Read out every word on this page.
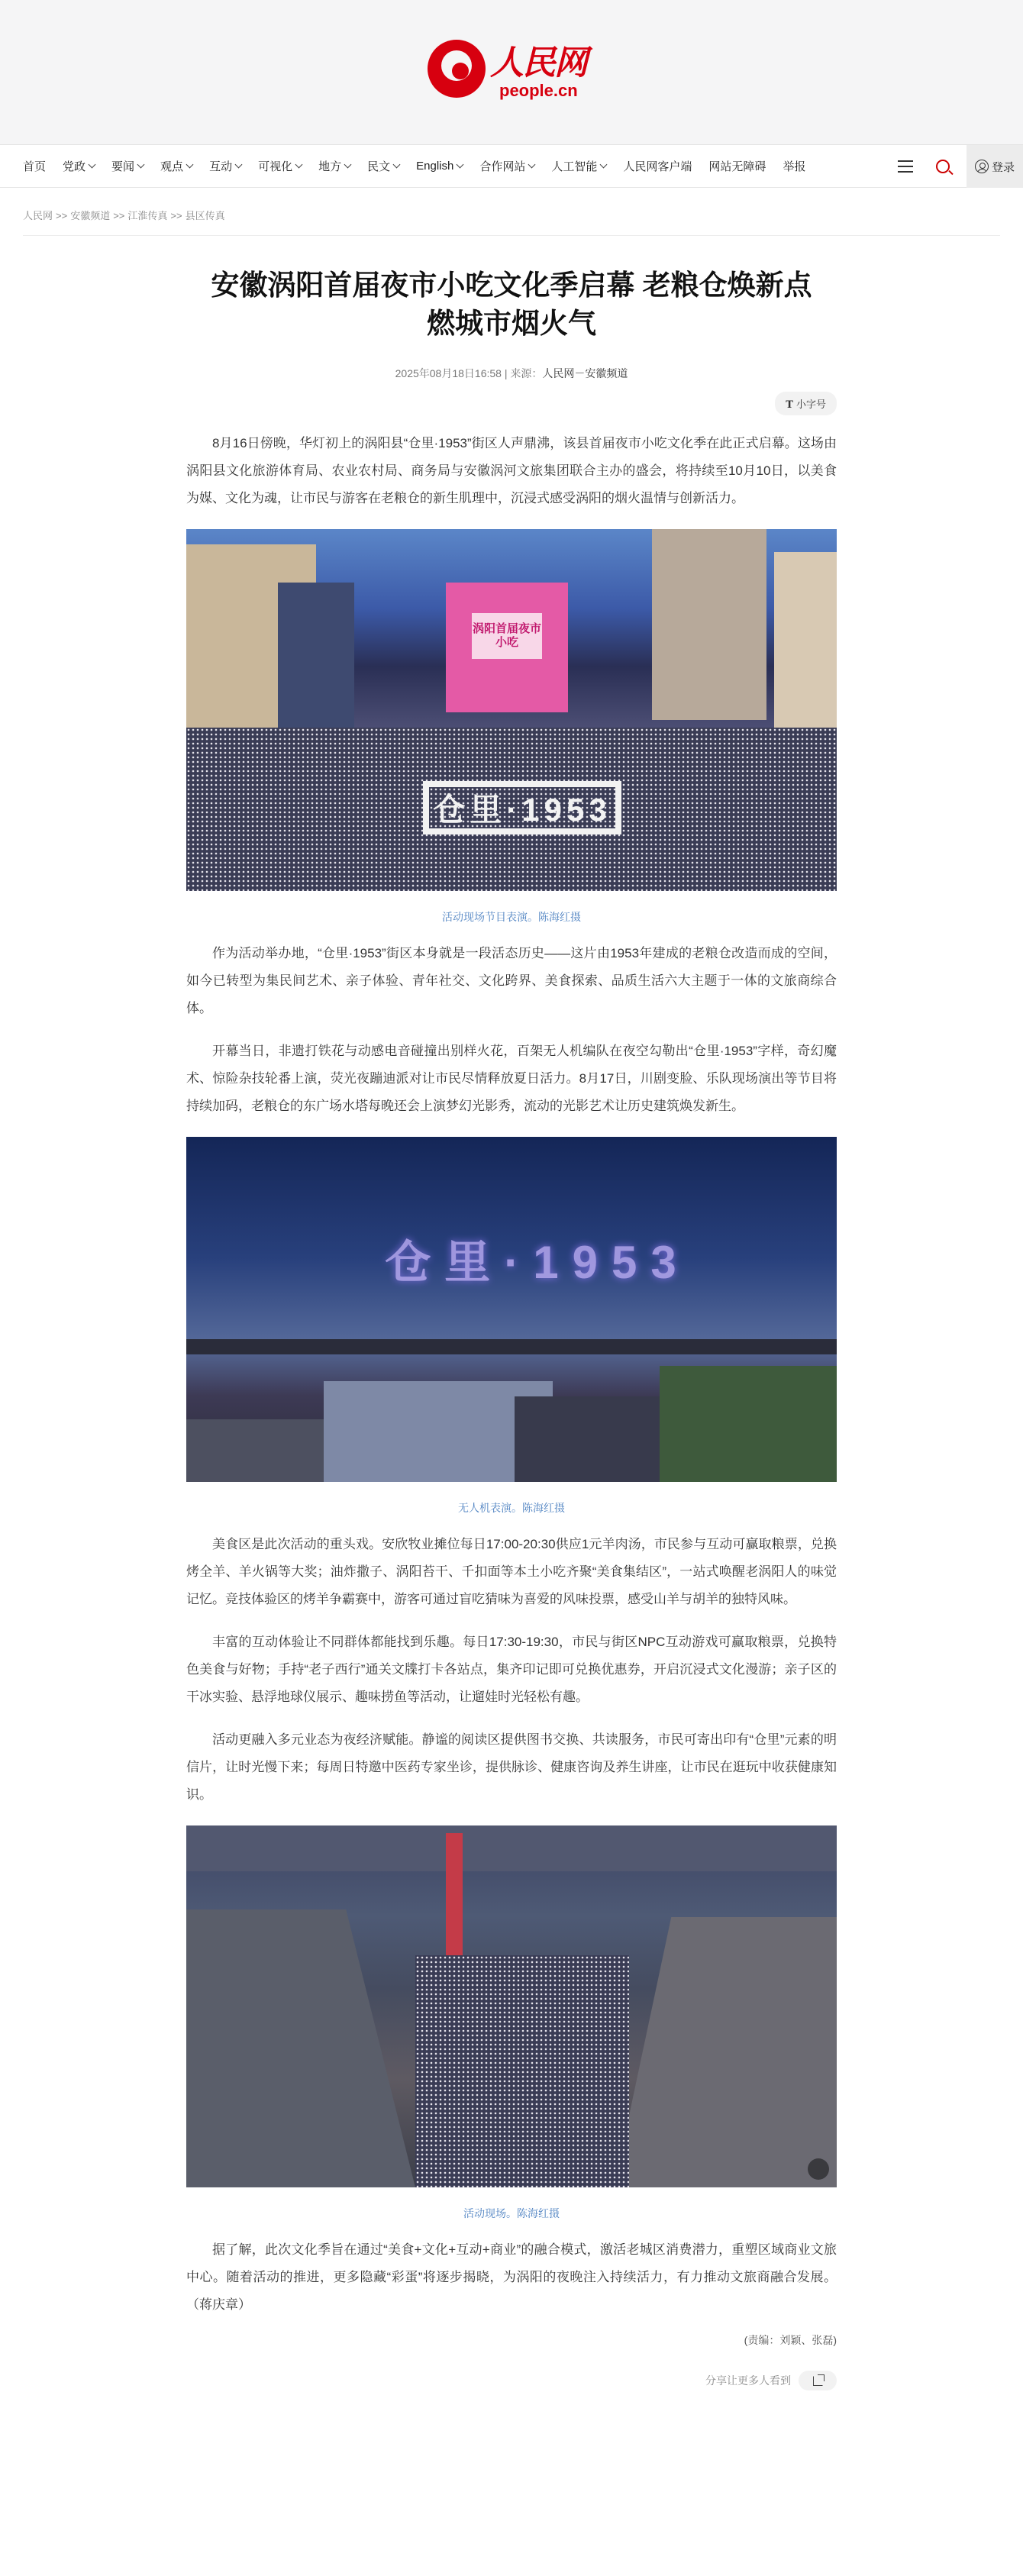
人民网
people.cn
首页 党政 要闻 观点 互动 可视化 地方 民文 English 合作网站 人工智能 人民网客户端 网站无障碍 举报	登录
人民网 >> 安徽频道 >> 江淮传真 >> 县区传真
安徽涡阳首届夜市小吃文化季启幕 老粮仓焕新点燃城市烟火气
2025年08月18日16:58 | 来源：人民网－安徽频道
T 小字号

8月16日傍晚，华灯初上的涡阳县“仓里·1953”街区人声鼎沸，该县首届夜市小吃文化季在此正式启幕。这场由涡阳县文化旅游体育局、农业农村局、商务局与安徽涡河文旅集团联合主办的盛会，将持续至10月10日，以美食为媒、文化为魂，让市民与游客在老粮仓的新生肌理中，沉浸式感受涡阳的烟火温情与创新活力。

涡阳首届夜市小吃
仓里·1953
活动现场节目表演。陈海红摄

作为活动举办地，“仓里·1953”街区本身就是一段活态历史——这片由1953年建成的老粮仓改造而成的空间，如今已转型为集民间艺术、亲子体验、青年社交、文化跨界、美食探索、品质生活六大主题于一体的文旅商综合体。

开幕当日，非遗打铁花与动感电音碰撞出别样火花，百架无人机编队在夜空勾勒出“仓里·1953”字样，奇幻魔术、惊险杂技轮番上演，荧光夜蹦迪派对让市民尽情释放夏日活力。8月17日，川剧变脸、乐队现场演出等节目将持续加码，老粮仓的东广场水塔每晚还会上演梦幻光影秀，流动的光影艺术让历史建筑焕发新生。

仓里·1953
无人机表演。陈海红摄

美食区是此次活动的重头戏。安欣牧业摊位每日17:00-20:30供应1元羊肉汤，市民参与互动可赢取粮票，兑换烤全羊、羊火锅等大奖；油炸撒子、涡阳苔干、千扣面等本土小吃齐聚“美食集结区”，一站式唤醒老涡阳人的味觉记忆。竞技体验区的烤羊争霸赛中，游客可通过盲吃猜味为喜爱的风味投票，感受山羊与胡羊的独特风味。

丰富的互动体验让不同群体都能找到乐趣。每日17:30-19:30，市民与街区NPC互动游戏可赢取粮票，兑换特色美食与好物；手持“老子西行”通关文牒打卡各站点，集齐印记即可兑换优惠券，开启沉浸式文化漫游；亲子区的干冰实验、悬浮地球仪展示、趣味捞鱼等活动，让遛娃时光轻松有趣。

活动更融入多元业态为夜经济赋能。静谧的阅读区提供图书交换、共读服务，市民可寄出印有“仓里”元素的明信片，让时光慢下来；每周日特邀中医药专家坐诊，提供脉诊、健康咨询及养生讲座，让市民在逛玩中收获健康知识。

活动现场。陈海红摄

据了解，此次文化季旨在通过“美食+文化+互动+商业”的融合模式，激活老城区消费潜力，重塑区域商业文旅中心。随着活动的推进，更多隐藏“彩蛋”将逐步揭晓，为涡阳的夜晚注入持续活力，有力推动文旅商融合发展。（蒋庆章）

(责编：刘颖、张磊)
分享让更多人看到
